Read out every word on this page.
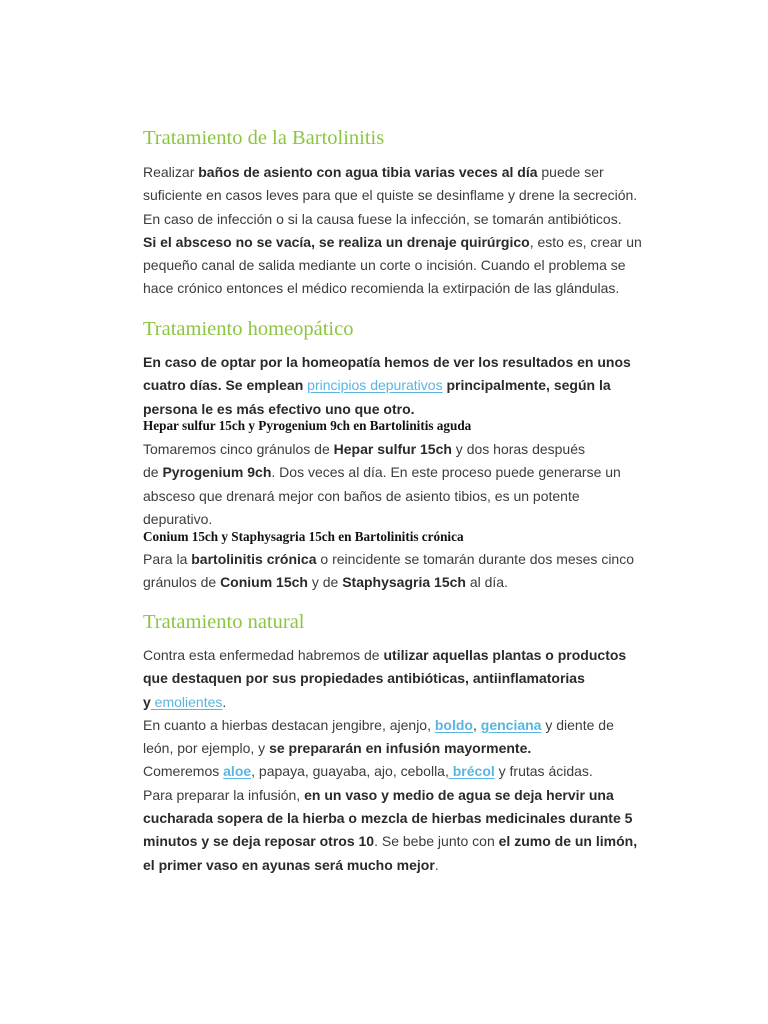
Tratamiento de la Bartolinitis
Realizar baños de asiento con agua tibia varias veces al día puede ser
suficiente en casos leves para que el quiste se desinflame y drene la secreción.
En caso de infección o si la causa fuese la infección, se tomarán antibióticos.
Si el absceso no se vacía, se realiza un drenaje quirúrgico, esto es, crear un
pequeño canal de salida mediante un corte o incisión. Cuando el problema se
hace crónico entonces el médico recomienda la extirpación de las glándulas.
Tratamiento homeopático
En caso de optar por la homeopatía hemos de ver los resultados en unos
cuatro días. Se emplean principios depurativos principalmente, según la
persona le es más efectivo uno que otro.
Hepar sulfur 15ch y Pyrogenium 9ch en Bartolinitis aguda
Tomaremos cinco gránulos de Hepar sulfur 15ch y dos horas después
de Pyrogenium 9ch. Dos veces al día. En este proceso puede generarse un
absceso que drenará mejor con baños de asiento tibios, es un potente
depurativo.
Conium 15ch y Staphysagria 15ch en Bartolinitis crónica
Para la bartolinitis crónica o reincidente se tomarán durante dos meses cinco
gránulos de Conium 15ch y de Staphysagria 15ch al día.
Tratamiento natural
Contra esta enfermedad habremos de utilizar aquellas plantas o productos
que destaquen por sus propiedades antibióticas, antiinflamatorias
y emolientes.
En cuanto a hierbas destacan jengibre, ajenjo, boldo, genciana y diente de
león, por ejemplo, y se prepararán en infusión mayormente.
Comeremos aloe, papaya, guayaba, ajo, cebolla, brécol y frutas ácidas.
Para preparar la infusión, en un vaso y medio de agua se deja hervir una
cucharada sopera de la hierba o mezcla de hierbas medicinales durante 5
minutos y se deja reposar otros 10. Se bebe junto con el zumo de un limón,
el primer vaso en ayunas será mucho mejor.
